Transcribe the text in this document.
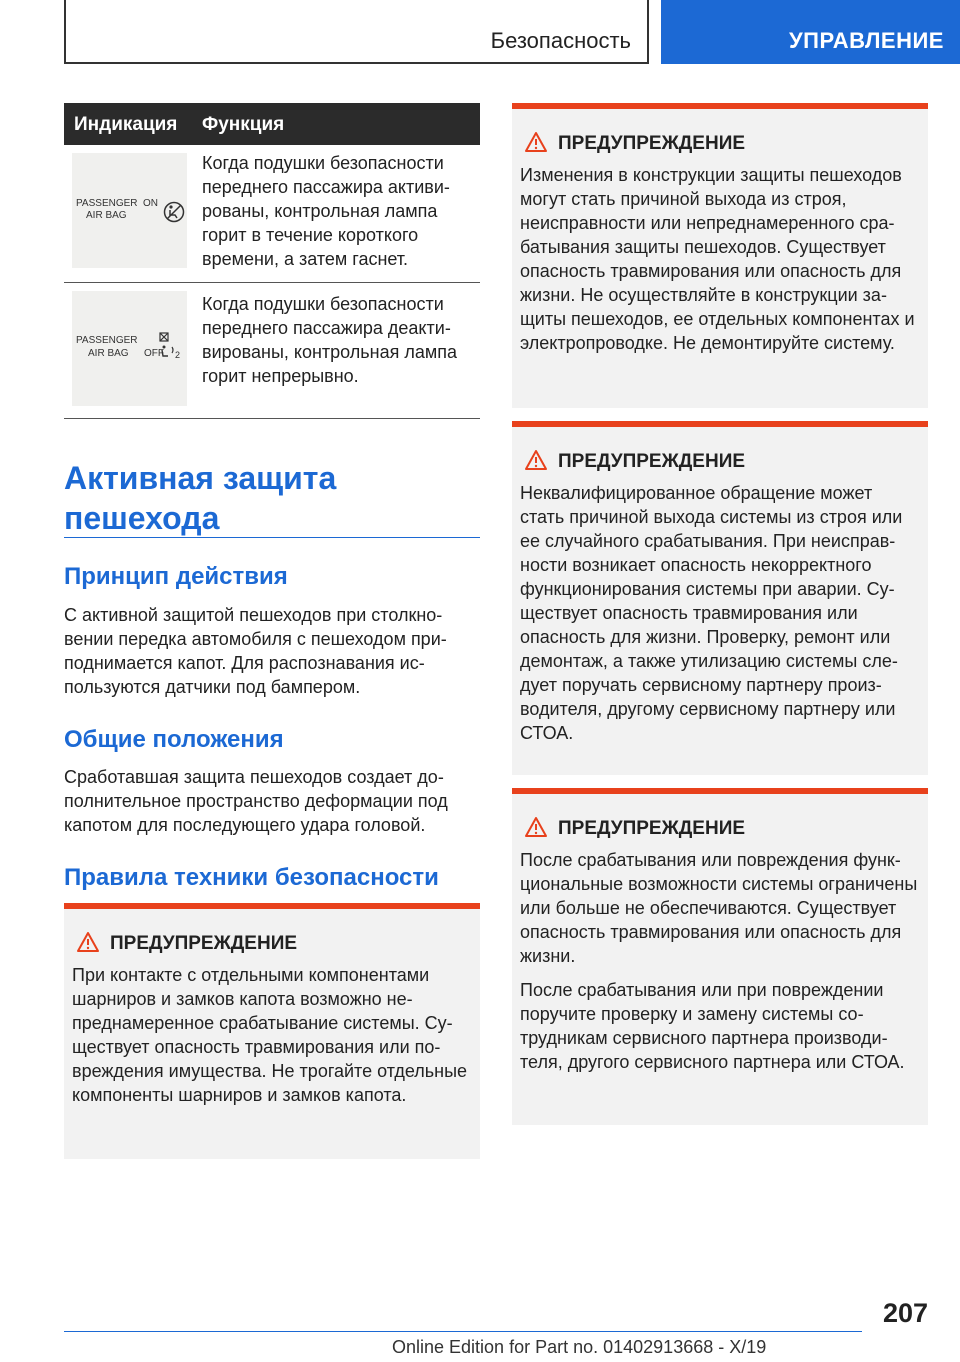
Безопасность	УПРАВЛЕНИЕ
Индикация Функция
PASSENGER ON
AIR BAG
Когда подушки безопасности переднего пассажира активированы, контрольная лампа горит в течение короткого времени, а затем гаснет.
PASSENGER
AIR BAG OFF 2
Когда подушки безопасности переднего пассажира деактивированы, контрольная лампа горит непрерывно.
Активная защита пешехода
Принцип действия
С активной защитой пешеходов при столкновении передка автомобиля с пешеходом приподнимается капот. Для распознавания используются датчики под бампером.
Общие положения
Сработавшая защита пешеходов создает дополнительное пространство деформации под капотом для последующего удара головой.
Правила техники безопасности
ПРЕДУПРЕЖДЕНИЕ

При контакте с отдельными компонентами шарниров и замков капота возможно непреднамеренное срабатывание системы. Существует опасность травмирования или повреждения имущества. Не трогайте отдельные компоненты шарниров и замков капота.

ПРЕДУПРЕЖДЕНИЕ

Изменения в конструкции защиты пешеходов могут стать причиной выхода из строя, неисправности или непреднамеренного срабатывания защиты пешеходов. Существует опасность травмирования или опасность для жизни. Не осуществляйте в конструкции защиты пешеходов, ее отдельных компонентах и электропроводке. Не демонтируйте систему.

ПРЕДУПРЕЖДЕНИЕ

Неквалифицированное обращение может стать причиной выхода системы из строя или ее случайного срабатывания. При неисправности возникает опасность некорректного функционирования системы при аварии. Существует опасность травмирования или опасность для жизни. Проверку, ремонт или демонтаж, а также утилизацию системы следует поручать сервисному партнеру производителя, другому сервисному партнеру или СТОА.

ПРЕДУПРЕЖДЕНИЕ

После срабатывания или повреждения функциональные возможности системы ограничены или больше не обеспечиваются. Существует опасность травмирования или опасность для жизни.

После срабатывания или при повреждении поручите проверку и замену системы сотрудникам сервисного партнера производителя, другого сервисного партнера или СТОА.

207
Online Edition for Part no. 01402913668 - X/19
